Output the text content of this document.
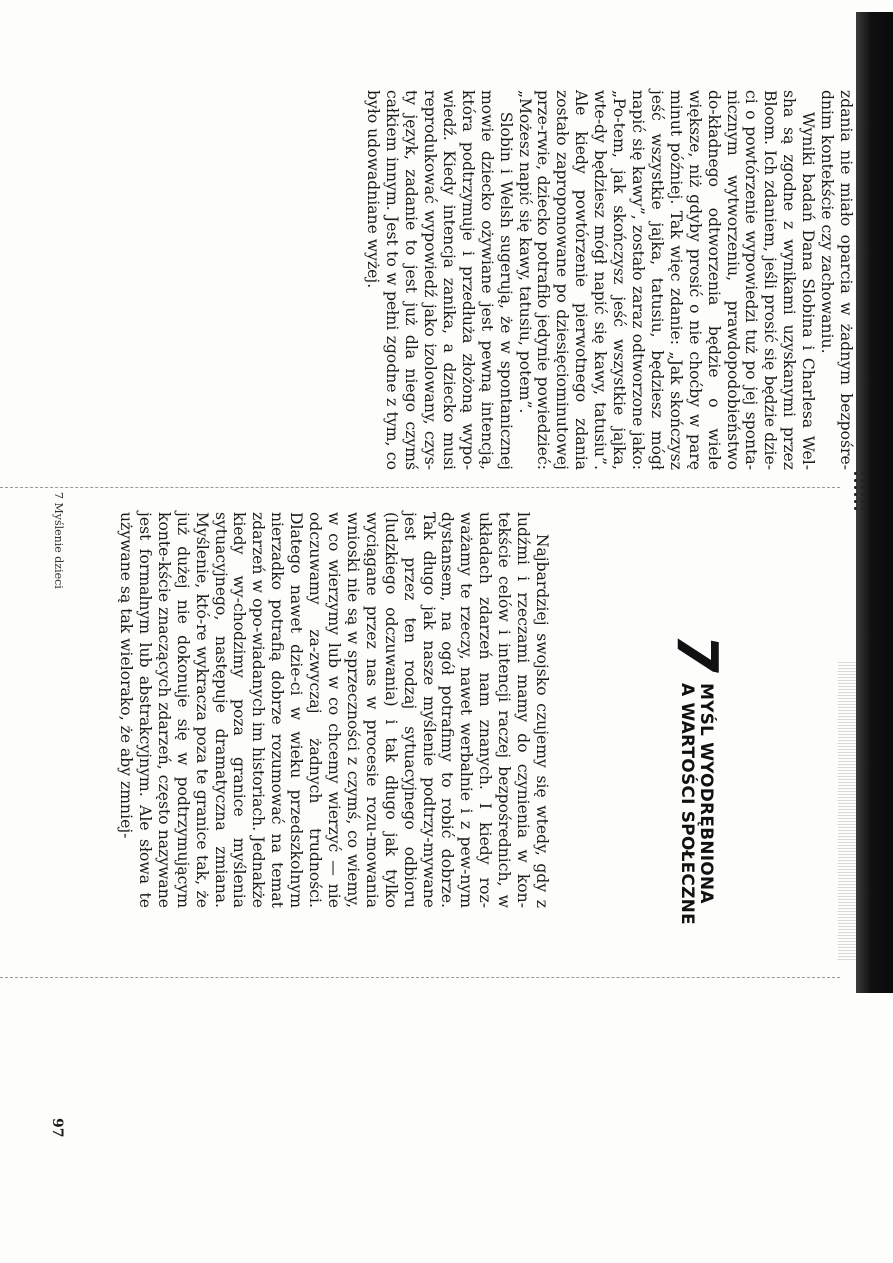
zdania nie miało oparcia w żadnym bezpośre-dnim kontekście czy zachowaniu.

Wyniki badań Dana Slobina i Charlesa Wel-sha są zgodne z wynikami uzyskanymi przez Bloom. Ich zdaniem, jeśli prosić się będzie dzie-ci o powtórzenie wypowiedzi tuż po jej sponta-nicznym wytworzeniu, prawdopodobieństwo do-kładnego odtworzenia będzie o wiele większe, niż gdyby prosić o nie choćby w parę minut później. Tak więc zdanie: „Jak skończysz jeść wszystkie jajka, tatusiu, będziesz mógł napić się kawy”, zostało zaraz odtworzone jako: „Po-tem, jak skończysz jeść wszystkie jajka, wte-dy będziesz mógł napić się kawy, tatusiu”. Ale kiedy powtórzenie pierwotnego zdania zostało zaproponowane po dziesięciominutowej prze-rwie, dziecko potrafiło jedynie powiedzieć: „Możesz napić się kawy, tatusiu, potem”.

Slobin i Welsh sugerują, że w spontanicznej mowie dziecko ożywiane jest pewną intencją, która podtrzymuje i przedłuża złożoną wypo-wiedź. Kiedy intencja zanika, a dziecko musi reprodukować wypowiedź jako izolowany, czys-ty język, zadanie to jest już dla niego czymś całkiem innym. Jest to w pełni zgodne z tym, co było udowadniane wyżej.

7
MYŚL WYODRĘBNIONA
A WARTOŚCI SPOŁECZNE

Najbardziej swojsko czujemy się wtedy, gdy z ludźmi i rzeczami mamy do czynienia w kon-tekście celów i intencji raczej bezpośrednich, w układach zdarzeń nam znanych. I kiedy roz-ważamy te rzeczy, nawet werbalnie i z pew-nym dystansem, na ogół potrafimy to robić dobrze. Tak długo jak nasze myślenie podtrzy-mywane jest przez ten rodzaj sytuacyjnego odbioru (ludzkiego odczuwania) i tak długo jak tylko wyciągane przez nas w procesie rozu-mowania wnioski nie są w sprzeczności z czymś, co wiemy, w co wierzymy lub w co chcemy wierzyć — nie odczuwamy za-zwyczaj żadnych trudności. Dlatego nawet dzie-ci w wieku przedszkolnym nierzadko potrafią dobrze rozumować na temat zdarzeń w opo-wiadanych im historiach. Jednakże kiedy wy-chodzimy poza granice myślenia sytuacyjnego, następuje dramatyczna zmiana. Myślenie, któ-re wykracza poza te granice tak, że już dużej nie dokonuje się w podtrzymującym konte-kście znaczących zdarzeń, często nazywane jest formalnym lub abstrakcyjnym. Ale słowa te używane są tak wielorako, że aby zmniej-

7 Myślenie dzieci
97
